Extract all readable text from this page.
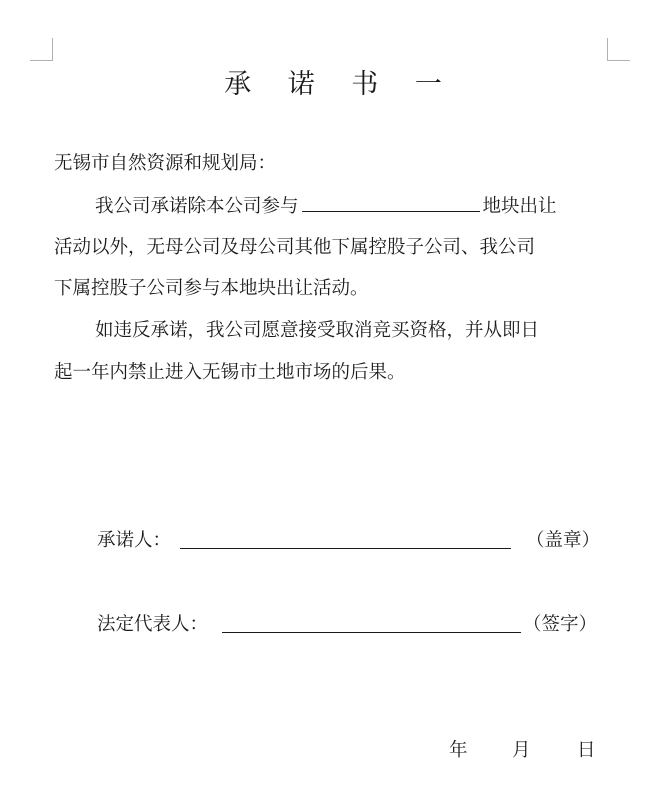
承 诺 书 一
无锡市自然资源和规划局：
我公司承诺除本公司参与	地块出让
活动以外，无母公司及母公司其他下属控股子公司、我公司
下属控股子公司参与本地块出让活动。
如违反承诺，我公司愿意接受取消竞买资格，并从即日
起一年内禁止进入无锡市土地市场的后果。
承诺人：	（盖章）
法定代表人：	（签字）
年 月	日
